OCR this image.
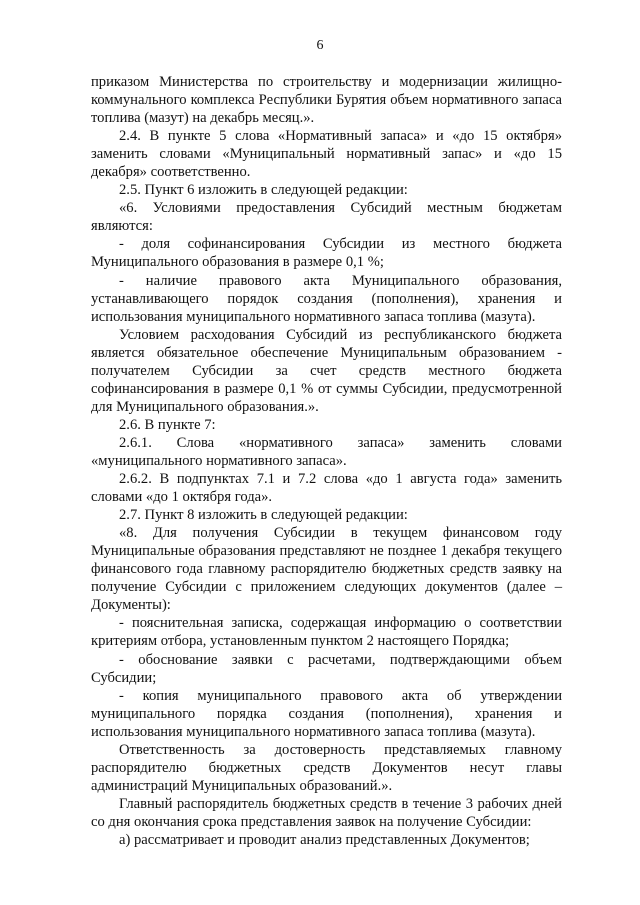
6

приказом Министерства по строительству и модернизации жилищно-коммунального комплекса Республики Бурятия объем нормативного запаса топлива (мазут) на декабрь месяц.».

2.4. В пункте 5 слова «Нормативный запаса» и «до 15 октября» заменить словами «Муниципальный нормативный запас» и «до 15 декабря» соответственно.

2.5. Пункт 6 изложить в следующей редакции:

«6. Условиями предоставления Субсидий местным бюджетам являются:

- доля софинансирования Субсидии из местного бюджета Муниципального образования в размере 0,1 %;

- наличие правового акта Муниципального образования, устанавливающего порядок создания (пополнения), хранения и использования муниципального нормативного запаса топлива (мазута).

Условием расходования Субсидий из республиканского бюджета является обязательное обеспечение Муниципальным образованием - получателем Субсидии за счет средств местного бюджета софинансирования в размере 0,1 % от суммы Субсидии, предусмотренной для Муниципального образования.».

2.6. В пункте 7:

2.6.1. Слова «нормативного запаса» заменить словами «муниципального нормативного запаса».

2.6.2. В подпунктах 7.1 и 7.2 слова «до 1 августа года» заменить словами «до 1 октября года».

2.7. Пункт 8 изложить в следующей редакции:

«8. Для получения Субсидии в текущем финансовом году Муниципальные образования представляют не позднее 1 декабря текущего финансового года главному распорядителю бюджетных средств заявку на получение Субсидии с приложением следующих документов (далее – Документы):

- пояснительная записка, содержащая информацию о соответствии критериям отбора, установленным пунктом 2 настоящего Порядка;

- обоснование заявки с расчетами, подтверждающими объем Субсидии;

- копия муниципального правового акта об утверждении муниципального порядка создания (пополнения), хранения и использования муниципального нормативного запаса топлива (мазута).

Ответственность за достоверность представляемых главному распорядителю бюджетных средств Документов несут главы администраций Муниципальных образований.».

Главный распорядитель бюджетных средств в течение 3 рабочих дней со дня окончания срока представления заявок на получение Субсидии:

а) рассматривает и проводит анализ представленных Документов;
